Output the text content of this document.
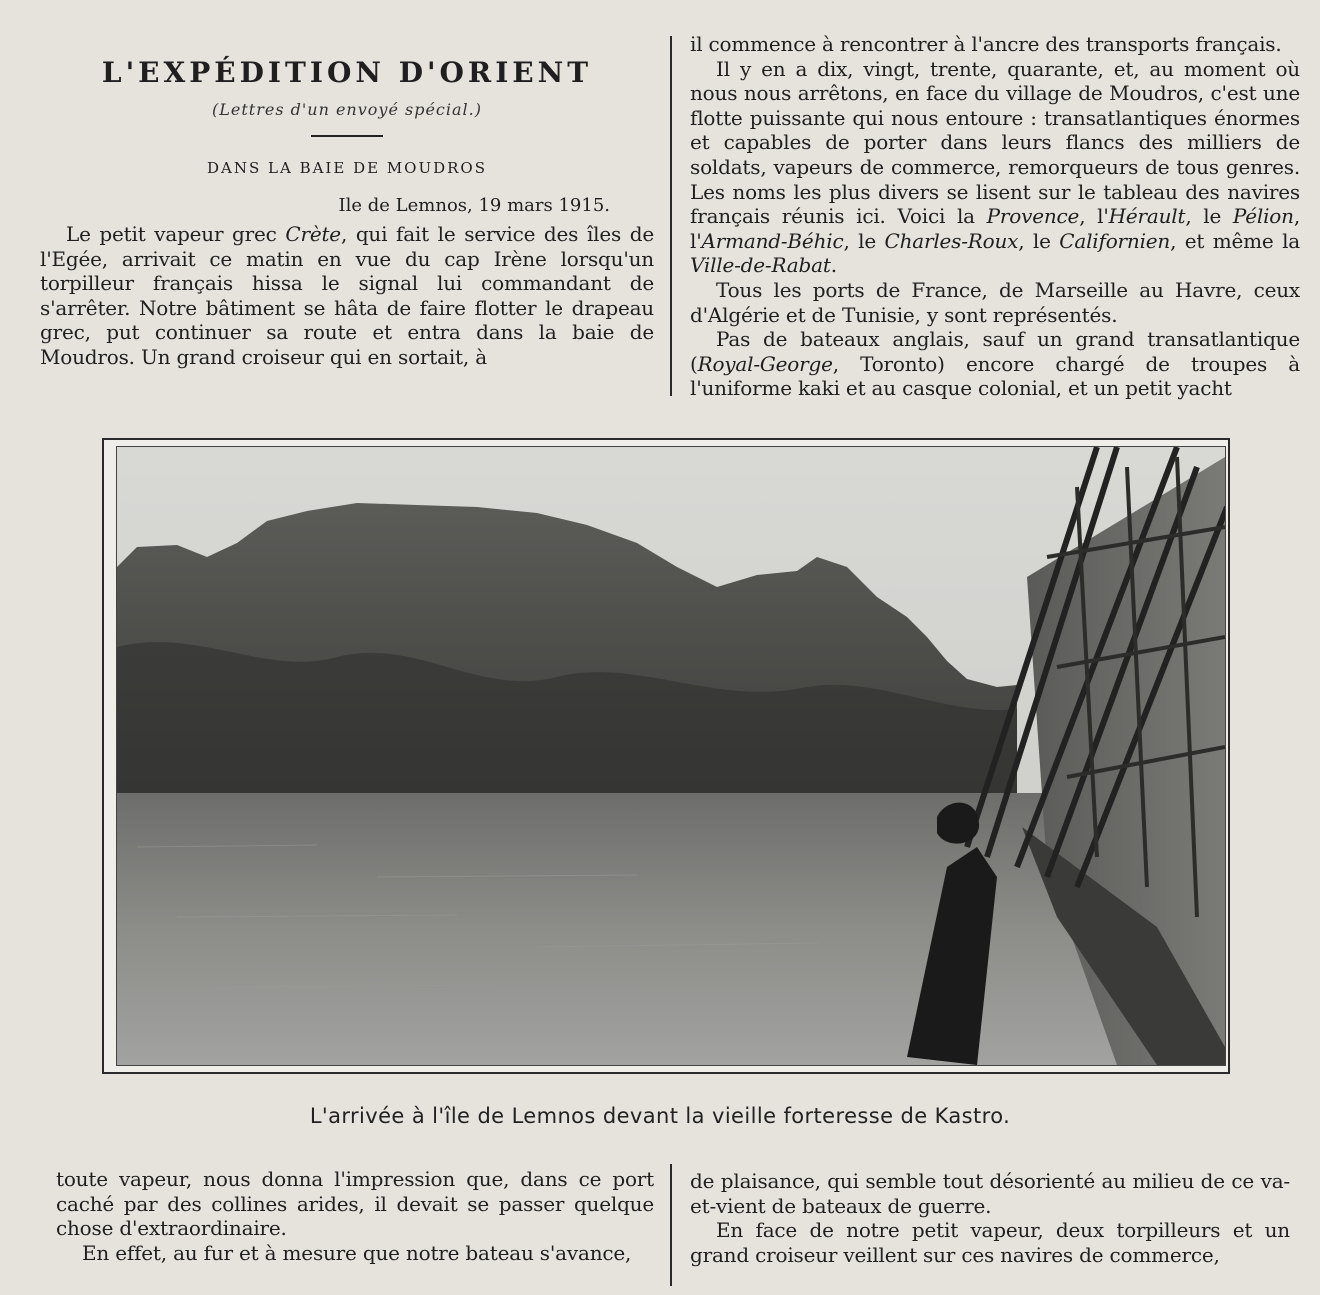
L'EXPÉDITION D'ORIENT
(Lettres d'un envoyé spécial.)
DANS LA BAIE DE MOUDROS
Ile de Lemnos, 19 mars 1915.

Le petit vapeur grec Crète, qui fait le service des îles de l'Egée, arrivait ce matin en vue du cap Irène lorsqu'un torpilleur français hissa le signal lui commandant de s'arrêter. Notre bâtiment se hâta de faire flotter le drapeau grec, put continuer sa route et entra dans la baie de Moudros. Un grand croiseur qui en sortait, à

il commence à rencontrer à l'ancre des transports français.

Il y en a dix, vingt, trente, quarante, et, au moment où nous nous arrêtons, en face du village de Moudros, c'est une flotte puissante qui nous entoure : transatlantiques énormes et capables de porter dans leurs flancs des milliers de soldats, vapeurs de commerce, remorqueurs de tous genres. Les noms les plus divers se lisent sur le tableau des navires français réunis ici. Voici la Provence, l'Hérault, le Pélion, l'Armand-Béhic, le Charles-Roux, le Californien, et même la Ville-de-Rabat.

Tous les ports de France, de Marseille au Havre, ceux d'Algérie et de Tunisie, y sont représentés.

Pas de bateaux anglais, sauf un grand transatlantique (Royal-George, Toronto) encore chargé de troupes à l'uniforme kaki et au casque colonial, et un petit yacht

L'arrivée à l'île de Lemnos devant la vieille forteresse de Kastro.

toute vapeur, nous donna l'impression que, dans ce port caché par des collines arides, il devait se passer quelque chose d'extraordinaire.

En effet, au fur et à mesure que notre bateau s'avance,

de plaisance, qui semble tout désorienté au milieu de ce va-et-vient de bateaux de guerre.

En face de notre petit vapeur, deux torpilleurs et un grand croiseur veillent sur ces navires de commerce,
